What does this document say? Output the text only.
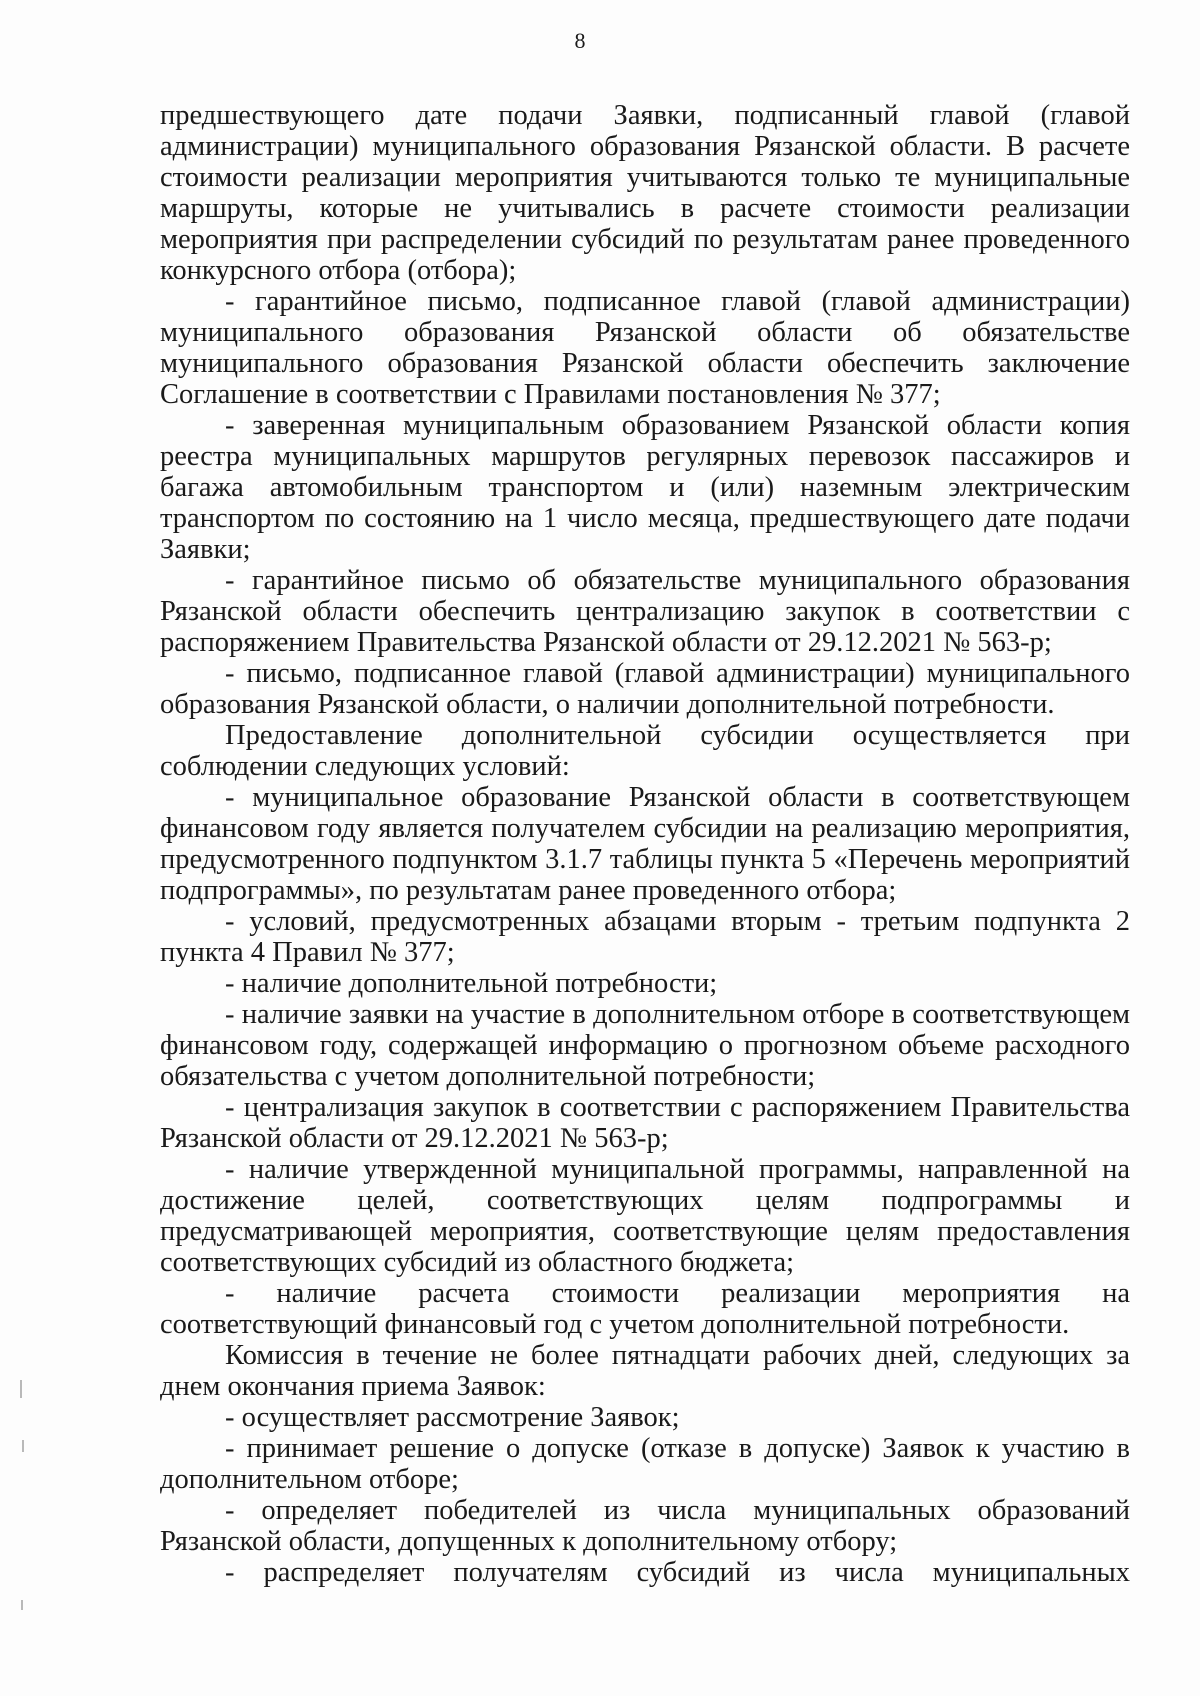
8

предшествующего дате подачи Заявки, подписанный главой (главой администрации) муниципального образования Рязанской области. В расчете стоимости реализации мероприятия учитываются только те муниципальные маршруты, которые не учитывались в расчете стоимости реализации мероприятия при распределении субсидий по результатам ранее проведенного конкурсного отбора (отбора);

- гарантийное письмо, подписанное главой (главой администрации) муниципального образования Рязанской области об обязательстве муниципального образования Рязанской области обеспечить заключение Соглашение в соответствии с Правилами постановления № 377;

- заверенная муниципальным образованием Рязанской области копия реестра муниципальных маршрутов регулярных перевозок пассажиров и багажа автомобильным транспортом и (или) наземным электрическим транспортом по состоянию на 1 число месяца, предшествующего дате подачи Заявки;

- гарантийное письмо об обязательстве муниципального образования Рязанской области обеспечить централизацию закупок в соответствии с распоряжением Правительства Рязанской области от 29.12.2021 № 563-р;

- письмо, подписанное главой (главой администрации) муниципального образования Рязанской области, о наличии дополнительной потребности.

Предоставление дополнительной субсидии осуществляется при соблюдении следующих условий:

- муниципальное образование Рязанской области в соответствующем финансовом году является получателем субсидии на реализацию мероприятия, предусмотренного подпунктом 3.1.7 таблицы пункта 5 «Перечень мероприятий подпрограммы», по результатам ранее проведенного отбора;

- условий, предусмотренных абзацами вторым - третьим подпункта 2 пункта 4 Правил № 377;

- наличие дополнительной потребности;

- наличие заявки на участие в дополнительном отборе в соответствующем финансовом году, содержащей информацию о прогнозном объеме расходного обязательства с учетом дополнительной потребности;

- централизация закупок в соответствии с распоряжением Правительства Рязанской области от 29.12.2021 № 563-р;

- наличие утвержденной муниципальной программы, направленной на достижение целей, соответствующих целям подпрограммы и предусматривающей мероприятия, соответствующие целям предоставления соответствующих субсидий из областного бюджета;

- наличие расчета стоимости реализации мероприятия на соответствующий финансовый год с учетом дополнительной потребности.

Комиссия в течение не более пятнадцати рабочих дней, следующих за днем окончания приема Заявок:

- осуществляет рассмотрение Заявок;

- принимает решение о допуске (отказе в допуске) Заявок к участию в дополнительном отборе;

- определяет победителей из числа муниципальных образований Рязанской области, допущенных к дополнительному отбору;

- распределяет получателям субсидий из числа муниципальных
